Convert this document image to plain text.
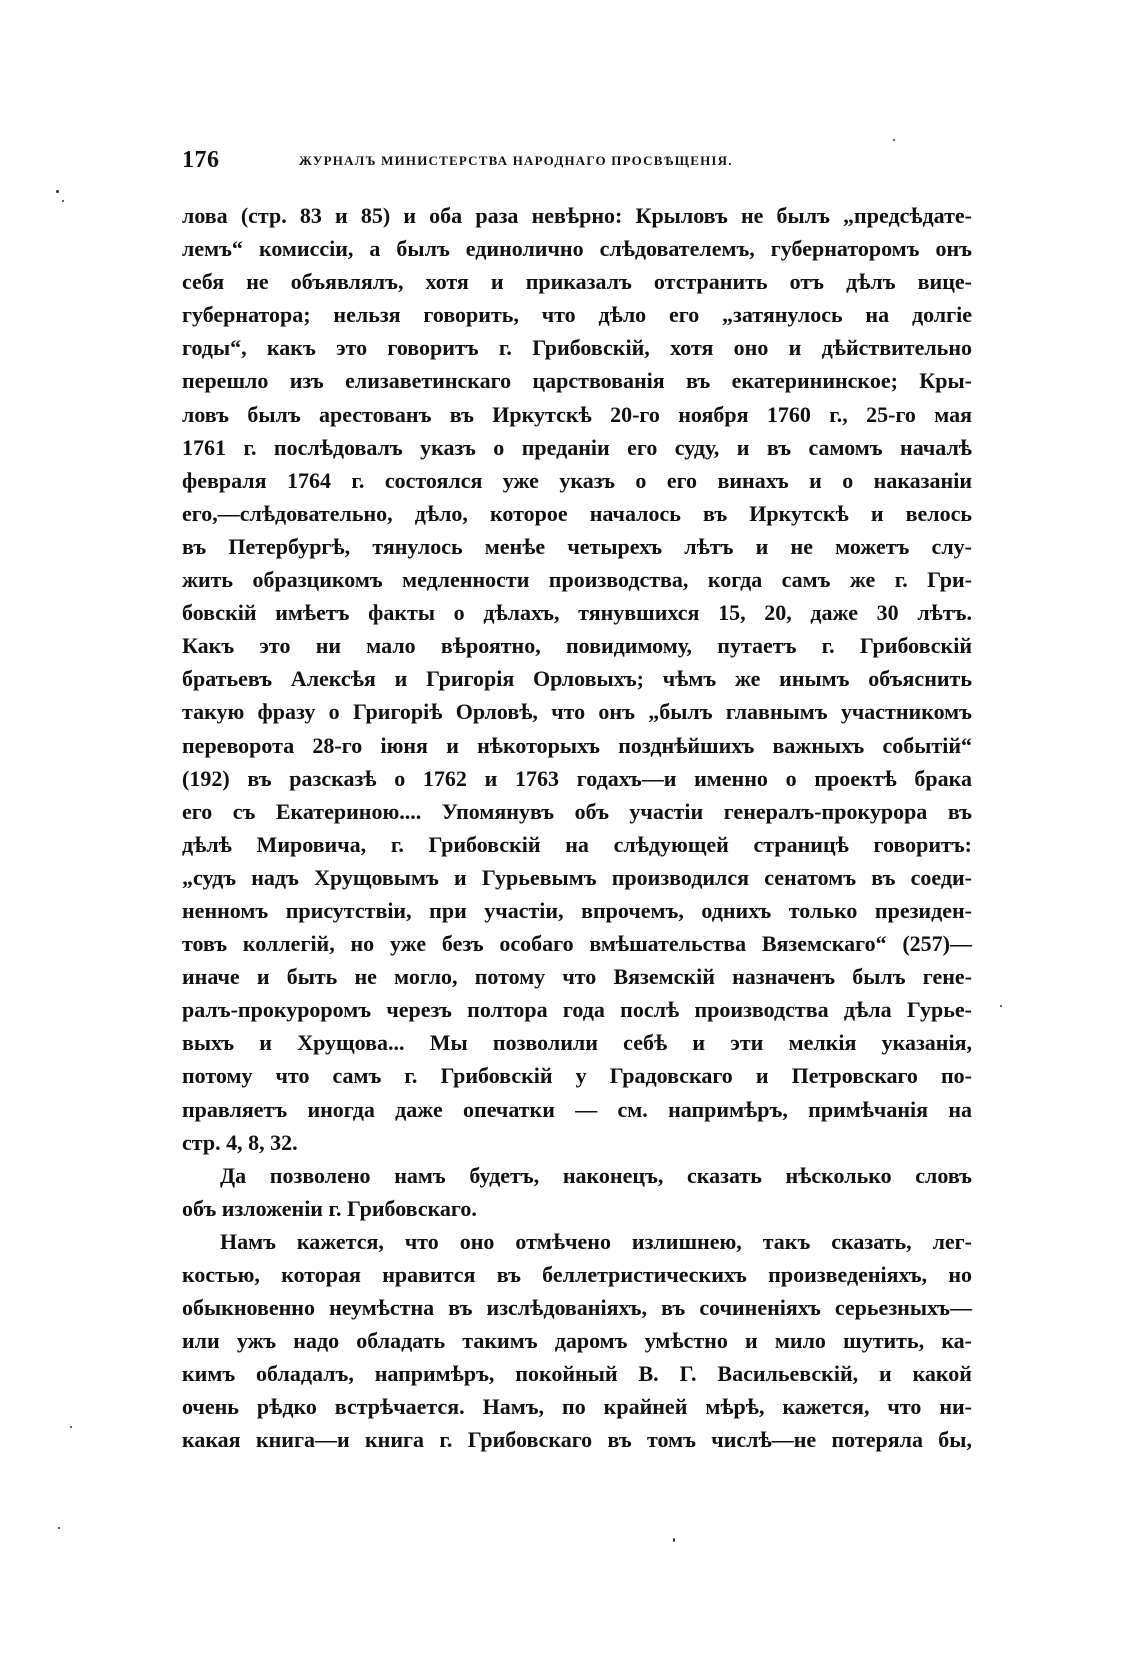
176	ЖУРНАЛЪ МИНИСТЕРСТВА НАРОДНАГО ПРОСВѢЩЕНІЯ.
лова (стр. 83 и 85) и оба раза невѣрно: Крыловъ не былъ „предсѣдате-
лемъ“ комиссіи, а былъ единолично слѣдователемъ, губернаторомъ онъ
себя не объявлялъ, хотя и приказалъ отстранить отъ дѣлъ вице-
губернатора; нельзя говорить, что дѣло его „затянулось на долгіе
годы“, какъ это говоритъ г. Грибовскій, хотя оно и дѣйствительно
перешло изъ елизаветинскаго царствованія въ екатерининское; Кры-
ловъ былъ арестованъ въ Иркутскѣ 20-го ноября 1760 г., 25-го мая
1761 г. послѣдовалъ указъ о преданіи его суду, и въ самомъ началѣ
февраля 1764 г. состоялся уже указъ о его винахъ и о наказаніи
его,—слѣдовательно, дѣло, которое началось въ Иркутскѣ и велось
въ Петербургѣ, тянулось менѣе четырехъ лѣтъ и не можетъ слу-
жить образцикомъ медленности производства, когда самъ же г. Гри-
бовскій имѣетъ факты о дѣлахъ, тянувшихся 15, 20, даже 30 лѣтъ.
Какъ это ни мало вѣроятно, повидимому, путаетъ г. Грибовскій
братьевъ Алексѣя и Григорія Орловыхъ; чѣмъ же инымъ объяснить
такую фразу о Григоріѣ Орловѣ, что онъ „былъ главнымъ участникомъ
переворота 28-го іюня и нѣкоторыхъ позднѣйшихъ важныхъ событій“
(192) въ разсказѣ о 1762 и 1763 годахъ—и именно о проектѣ брака
его съ Екатериною.... Упомянувъ объ участіи генералъ-прокурора въ
дѣлѣ Мировича, г. Грибовскій на слѣдующей страницѣ говоритъ:
„судъ надъ Хрущовымъ и Гурьевымъ производился сенатомъ въ соеди-
ненномъ присутствіи, при участіи, впрочемъ, однихъ только президен-
товъ коллегій, но уже безъ особаго вмѣшательства Вяземскаго“ (257)—
иначе и быть не могло, потому что Вяземскій назначенъ былъ гене-
ралъ-прокуроромъ черезъ полтора года послѣ производства дѣла Гурье-
выхъ и Хрущова... Мы позволили себѣ и эти мелкія указанія,
потому что самъ г. Грибовскій у Градовскаго и Петровскаго по-
правляетъ иногда даже опечатки — см. напримѣръ, примѣчанія на
стр. 4, 8, 32.
Да позволено намъ будетъ, наконецъ, сказать нѣсколько словъ
объ изложеніи г. Грибовскаго.
Намъ кажется, что оно отмѣчено излишнею, такъ сказать, лег-
костью, которая нравится въ беллетристическихъ произведеніяхъ, но
обыкновенно неумѣстна въ изслѣдованіяхъ, въ сочиненіяхъ серьезныхъ—
или ужъ надо обладать такимъ даромъ умѣстно и мило шутить, ка-
кимъ обладалъ, напримѣръ, покойный В. Г. Васильевскій, и какой
очень рѣдко встрѣчается. Намъ, по крайней мѣрѣ, кажется, что ни-
какая книга—и книга г. Грибовскаго въ томъ числѣ—не потеряла бы,
